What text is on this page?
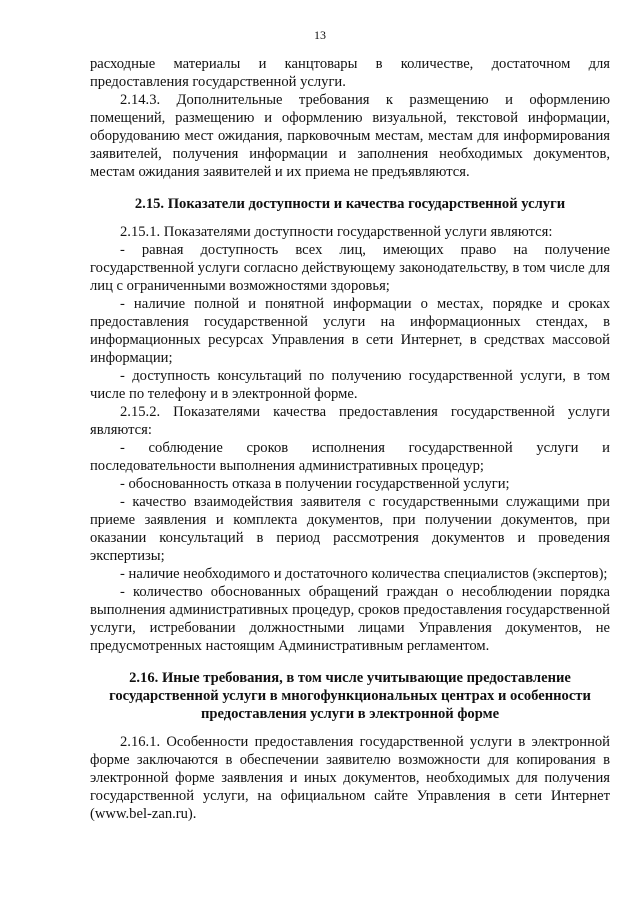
13

расходные материалы и канцтовары в количестве, достаточном для предоставления государственной услуги.

2.14.3. Дополнительные требования к размещению и оформлению помещений, размещению и оформлению визуальной, текстовой информации, оборудованию мест ожидания, парковочным местам, местам для информирования заявителей, получения информации и заполнения необходимых документов, местам ожидания заявителей и их приема не предъявляются.

2.15. Показатели доступности и качества государственной услуги

2.15.1. Показателями доступности государственной услуги являются:

- равная доступность всех лиц, имеющих право на получение государственной услуги согласно действующему законодательству, в том числе для лиц с ограниченными возможностями здоровья;

- наличие полной и понятной информации о местах, порядке и сроках предоставления государственной услуги на информационных стендах, в информационных ресурсах Управления в сети Интернет, в средствах массовой информации;

- доступность консультаций по получению государственной услуги, в том числе по телефону и в электронной форме.

2.15.2. Показателями качества предоставления государственной услуги являются:

- соблюдение сроков исполнения государственной услуги и последовательности выполнения административных процедур;

- обоснованность отказа в получении государственной услуги;

- качество взаимодействия заявителя с государственными служащими при приеме заявления и комплекта документов, при получении документов, при оказании консультаций в период рассмотрения документов и проведения экспертизы;

- наличие необходимого и достаточного количества специалистов (экспертов);

- количество обоснованных обращений граждан о несоблюдении порядка выполнения административных процедур, сроков предоставления государственной услуги, истребовании должностными лицами Управления документов, не предусмотренных настоящим Административным регламентом.

2.16. Иные требования, в том числе учитывающие предоставление государственной услуги в многофункциональных центрах и особенности предоставления услуги в электронной форме

2.16.1. Особенности предоставления государственной услуги в электронной форме заключаются в обеспечении заявителю возможности для копирования в электронной форме заявления и иных документов, необходимых для получения государственной услуги, на официальном сайте Управления в сети Интернет (www.bel-zan.ru).
